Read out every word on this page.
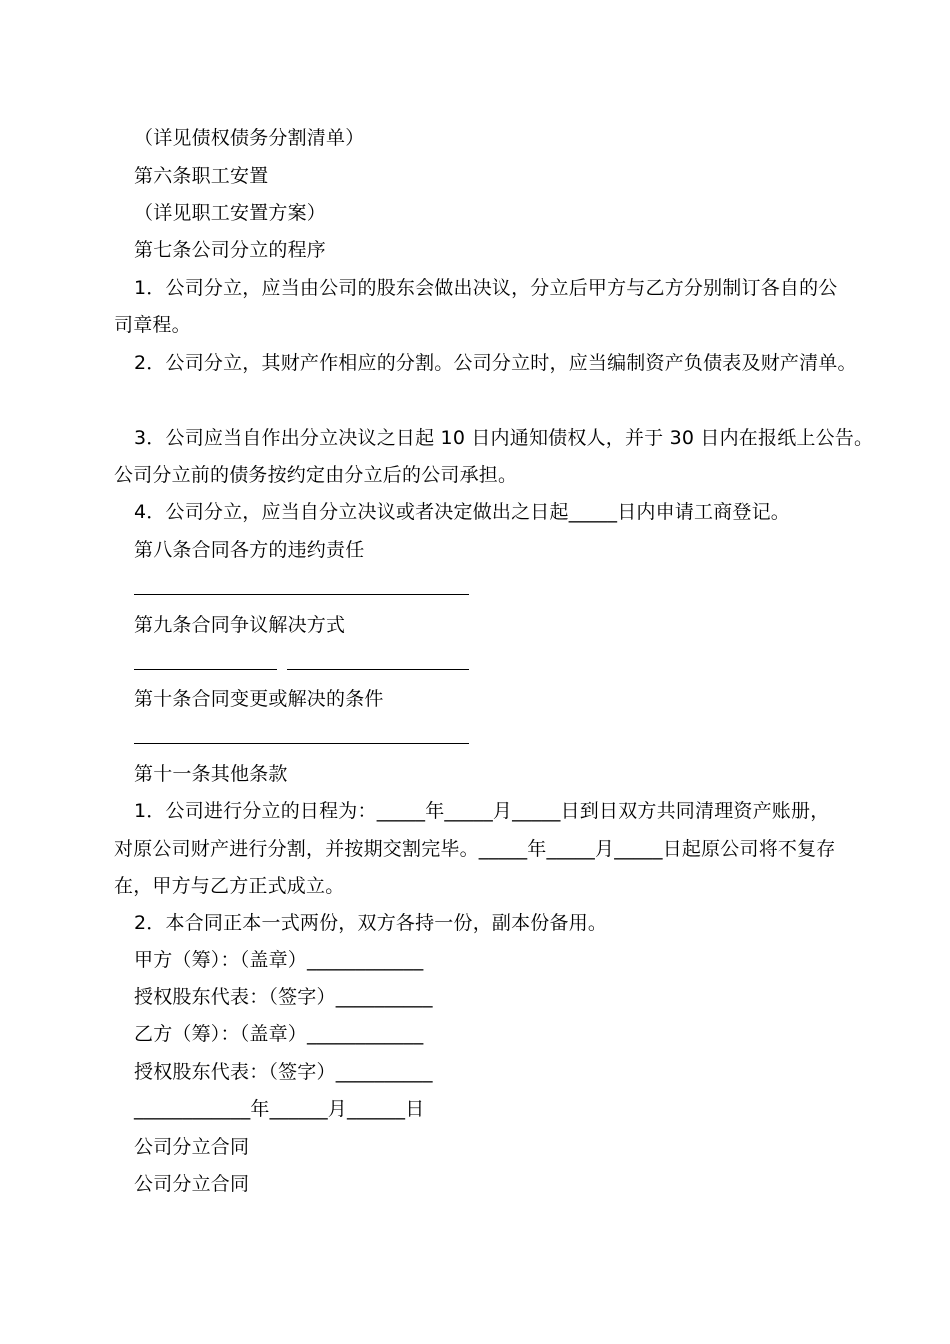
（详见债权债务分割清单）
第六条职工安置
（详见职工安置方案）
第七条公司分立的程序
1．公司分立，应当由公司的股东会做出决议，分立后甲方与乙方分别制订各自的公
司章程。
2．公司分立，其财产作相应的分割。公司分立时，应当编制资产负债表及财产清单。
3．公司应当自作出分立决议之日起 10 日内通知债权人，并于 30 日内在报纸上公告。
公司分立前的债务按约定由分立后的公司承担。
4．公司分立，应当自分立决议或者决定做出之日起_____日内申请工商登记。
第八条合同各方的违约责任
第九条合同争议解决方式
第十条合同变更或解决的条件
第十一条其他条款
1．公司进行分立的日程为：_____年_____月_____日到日双方共同清理资产账册，
对原公司财产进行分割，并按期交割完毕。_____年_____月_____日起原公司将不复存
在，甲方与乙方正式成立。
2．本合同正本一式两份，双方各持一份，副本份备用。
甲方（筹）：（盖章）____________
授权股东代表：（签字）__________
乙方（筹）：（盖章）____________
授权股东代表：（签字）__________
____________年______月______日
公司分立合同
公司分立合同
